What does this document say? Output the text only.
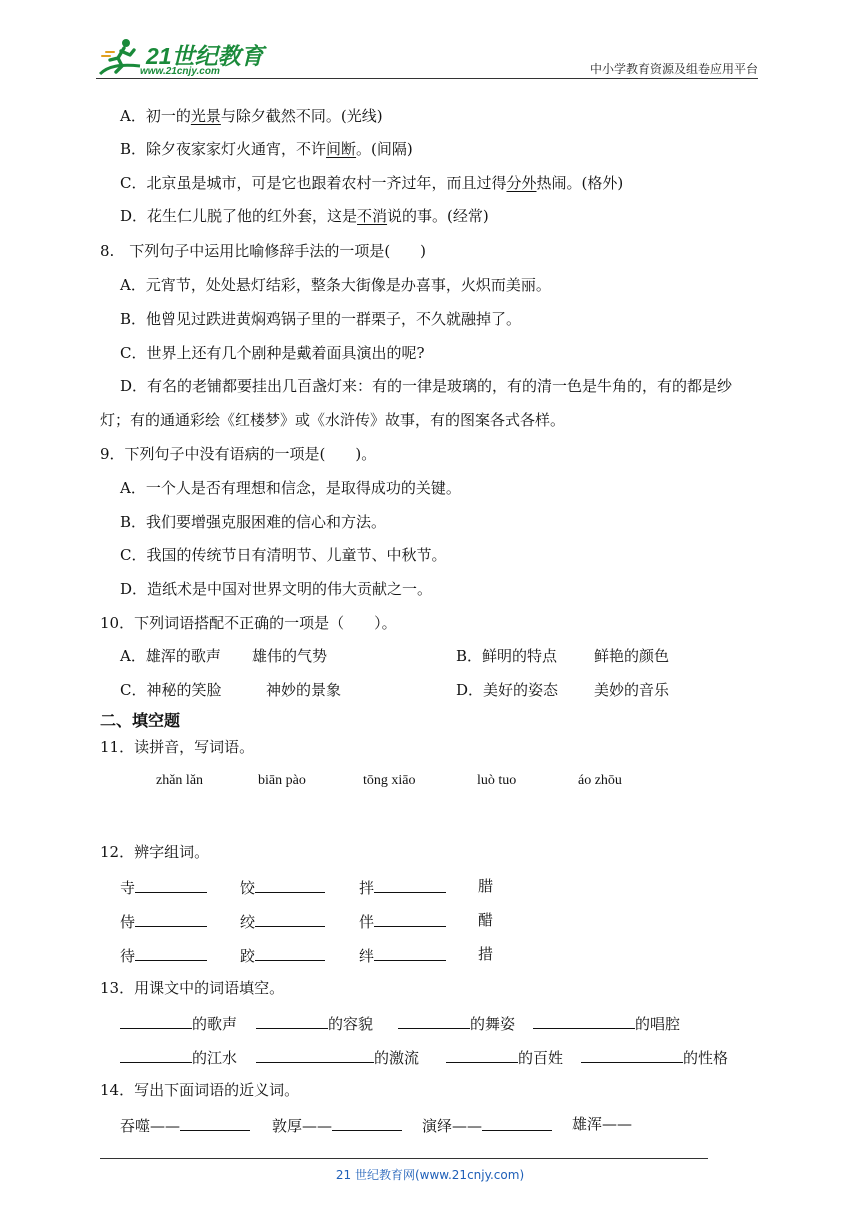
21世纪教育
www.21cnjy.com	中小学教育资源及组卷应用平台
A．初一的光景与除夕截然不同。(光线)
B．除夕夜家家灯火通宵，不许间断。(间隔)
C．北京虽是城市，可是它也跟着农村一齐过年，而且过得分外热闹。(格外)
D．花生仁儿脱了他的红外套，这是不消说的事。(经常)
8.　下列句子中运用比喻修辞手法的一项是(　　)
A．元宵节，处处悬灯结彩，整条大街像是办喜事，火炽而美丽。
B．他曾见过跌进黄焖鸡锅子里的一群栗子，不久就融掉了。
C．世界上还有几个剧种是戴着面具演出的呢?
D．有名的老铺都要挂出几百盏灯来：有的一律是玻璃的，有的清一色是牛角的，有的都是纱
灯；有的通通彩绘《红楼梦》或《水浒传》故事，有的图案各式各样。
9．下列句子中没有语病的一项是(　　)。
A．一个人是否有理想和信念，是取得成功的关键。
B．我们要增强克服困难的信心和方法。
C．我国的传统节日有清明节、儿童节、中秋节。
D．造纸术是中国对世界文明的伟大贡献之一。
10．下列词语搭配不正确的一项是（　　）。
A．雄浑的歌声 雄伟的气势	B．鲜明的特点 鲜艳的颜色
C．神秘的笑脸	神妙的景象	D．美好的姿态 美妙的音乐
二、填空题
11．读拼音，写词语。
zhǎn lǎn	biān pào	tōng xiāo	luò tuo	áo zhōu
12．辨字组词。
寺	饺	拌	腊
侍	绞	伴	醋
待	跤	绊	措
13．用课文中的词语填空。
的歌声	的容貌	的舞姿	的唱腔
的江水	的激流	的百姓	的性格
14．写出下面词语的近义词。
吞噬——	敦厚——	演绎——	雄浑——
21 世纪教育网(www.21cnjy.com)
